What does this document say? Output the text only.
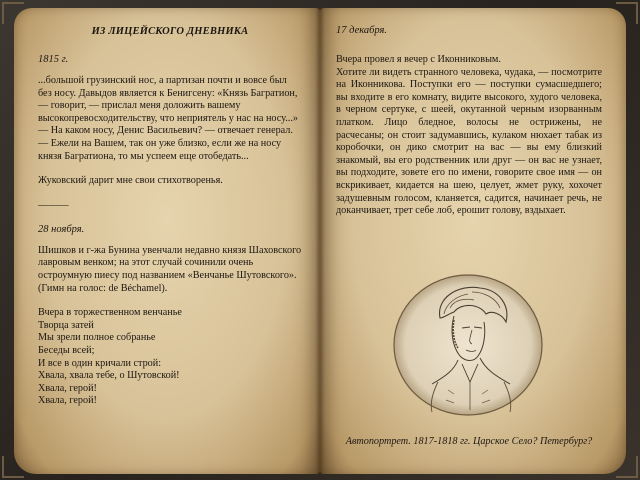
ИЗ ЛИЦЕЙСКОГО ДНЕВНИКА
1815 г.

...большой грузинский нос, а партизан почти и вовсе был без носу. Давыдов является к Бенигсену: «Князь Багратион, — говорит, — прислал меня доложить вашему высокопревосходительству, что неприятель у нас на носу...»

— На каком носу, Денис Васильевич? — отвечает генерал. — Ежели на Вашем, так он уже близко, если же на носу князя Багратиона, то мы успеем еще отобедать...

Жуковский дарит мне свои стихотворенья.

———
28 ноября.

Шишков и г-жа Бунина увенчали недавно князя Шаховского лавровым венком; на этот случай сочинили очень остроумную пиесу под названием «Венчанье Шутовского». (Гимн на голос: de Béchamel).

Вчера в торжественном венчанье
Творца затей
Мы зрели полное собранье
Беседы всей;
И все в один кричали строй:
Хвала, хвала тебе, о Шутовской!
Хвала, герой!
Хвала, герой!
17 декабря.

Вчера провел я вечер с Иконниковым.

Хотите ли видеть странного человека, чудака, — посмотрите на Иконникова. Поступки его — поступки сумасшедшего; вы входите в его комнату, видите высокого, худого человека, в черном сертуке, с шеей, окутанной черным изорванным платком. Лицо бледное, волосы не острижены, не расчесаны; он стоит задумавшись, кулаком нюхает табак из коробочки, он дико смотрит на вас — вы ему близкий знакомый, вы его родственник или друг — он вас не узнает, вы подходите, зовете его по имени, говорите свое имя — он вскрикивает, кидается на шею, целует, жмет руку, хохочет задушевным голосом, кланяется, садится, начинает речь, не доканчивает, трет себе лоб, ерошит голову, вздыхает.

Автопортрет. 1817-1818 гг. Царское Село? Петербург?
